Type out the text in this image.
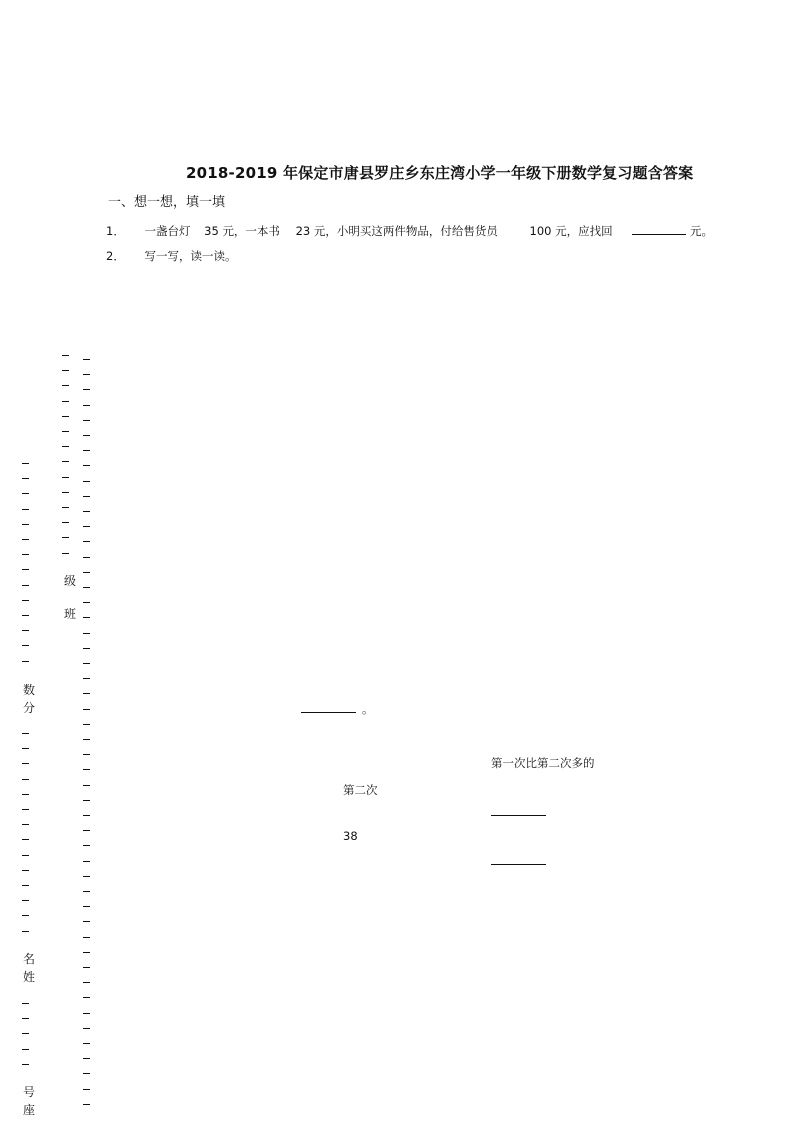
2018-2019 年保定市唐县罗庄乡东庄湾小学一年级下册数学复习题含答案
一、想一想，填一填
1． 一盏台灯 35 元，一本书 23 元，小明买这两件物品，付给售货员	100 元，应找回	元。
2． 写一写，读一读。
。
第一次比第二次多的
第二次
38
级
班
数
分
名
姓
号
座
